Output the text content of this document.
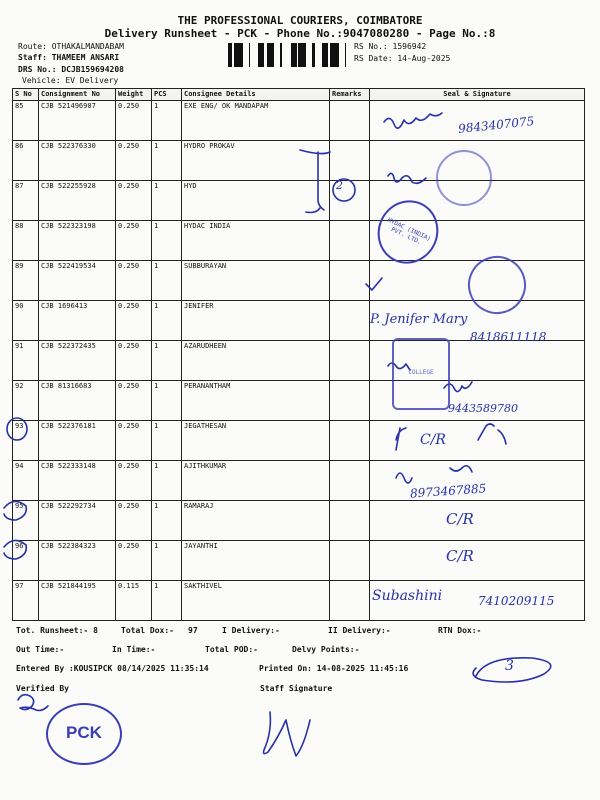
THE PROFESSIONAL COURIERS, COIMBATORE
Delivery Runsheet - PCK - Phone No.:9047080280 - Page No.:8
Route: OTHAKALMANDABAM
Staff: THAMEEM ANSARI
DRS No.: DCJB159694208
Vehicle: EV Delivery
RS No.: 1596942
RS Date: 14-Aug-2025
S No	Consignment No	Weight	PCS	Consignee Details	Remarks	Seal & Signature
85	CJB 521496907	0.250	1	EXE ENG/ OK MANDAPAM		
86	CJB 522376330	0.250	1	HYDRO PROKAV		
87	CJB 522255928	0.250	1	HYD		
88	CJB 522323198	0.250	1	HYDAC INDIA		
89	CJB 522419534	0.250	1	SUBBURAYAN		
90	CJB 1696413	0.250	1	JENIFER		
91	CJB 522372435	0.250	1	AZARUDHEEN		
92	CJB 81316683	0.250	1	PERANANTHAM		
93	CJB 522376181	0.250	1	JEGATHESAN		
94	CJB 522333148	0.250	1	AJITHKUMAR		
95	CJB 522292734	0.250	1	RAMARAJ		
96	CJB 522384323	0.250	1	JAYANTHI		
97	CJB 521844195	0.115	1	SAKTHIVEL		
9843407075
2
P. Jenifer Mary
8418611118
9443589780
C/R
8973467885
C/R
C/R
Subashini	7410209115
3
HYDAC (INDIA) PVT. LTD.
COLLEGE
PCK
Tot. Runsheet:- 8	Total Dox:- 97	I Delivery:-	II Delivery:-	RTN Dox:-
Out Time:-	In Time:-	Total POD:-	Delvy Points:-
Entered By :KOUSIPCK 08/14/2025 11:35:14	Printed On: 14-08-2025 11:45:16
Verified By	Staff Signature
